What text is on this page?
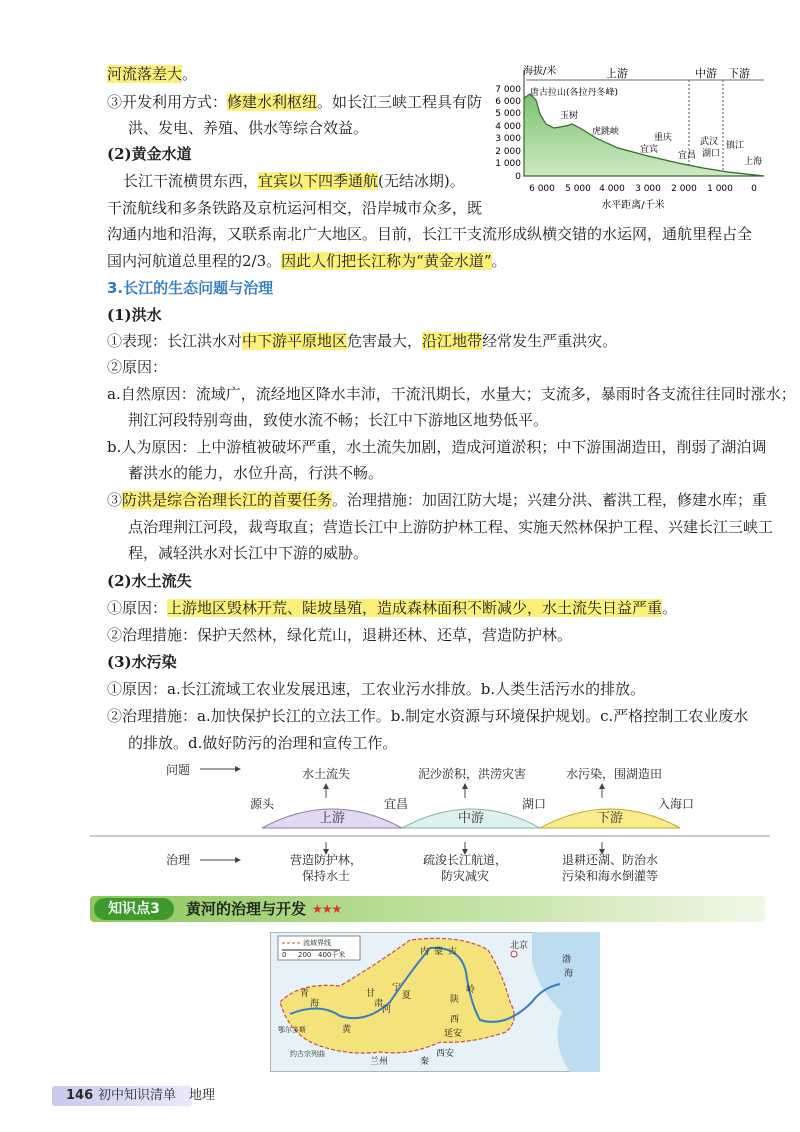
河流落差大。
③开发利用方式：修建水利枢纽。如长江三峡工程具有防
洪、发电、养殖、供水等综合效益。
(2)黄金水道
长江干流横贯东西，宜宾以下四季通航(无结冰期)。
干流航线和多条铁路及京杭运河相交，沿岸城市众多，既
沟通内地和沿海，又联系南北广大地区。目前，长江干支流形成纵横交错的水运网，通航里程占全
国内河航道总里程的2/3。因此人们把长江称为“黄金水道”。
海拔/米
7 000
6 000
5 000
4 000
3 000
2 000
1 000
0
上游	中游 下游
唐古拉山(各拉丹冬峰)
玉树
虎跳峡
重庆
宜宾
宜昌
武汉
湖口
镇江
上海
6 000 5 000 4 000 3 000 2 000 1 000 0
水平距离/千米
3.长江的生态问题与治理
(1)洪水
①表现：长江洪水对中下游平原地区危害最大，沿江地带经常发生严重洪灾。
②原因：
a.自然原因：流域广，流经地区降水丰沛，干流汛期长，水量大；支流多，暴雨时各支流往往同时涨水；
荆江河段特别弯曲，致使水流不畅；长江中下游地区地势低平。
b.人为原因：上中游植被破坏严重，水土流失加剧，造成河道淤积；中下游围湖造田，削弱了湖泊调
蓄洪水的能力，水位升高，行洪不畅。
③防洪是综合治理长江的首要任务。治理措施：加固江防大堤；兴建分洪、蓄洪工程，修建水库；重
点治理荆江河段，裁弯取直；营造长江中上游防护林工程、实施天然林保护工程、兴建长江三峡工
程，减轻洪水对长江中下游的威胁。
(2)水土流失
①原因：上游地区毁林开荒、陡坡垦殖，造成森林面积不断减少，水土流失日益严重。
②治理措施：保护天然林，绿化荒山，退耕还林、还草，营造防护林。
(3)水污染
①原因：a.长江流域工农业发展迅速，工农业污水排放。b.人类生活污水的排放。
②治理措施：a.加快保护长江的立法工作。b.制定水资源与环境保护规划。c.严格控制工农业废水
的排放。d.做好防污的治理和宣传工作。
问题	水土流失	泥沙淤积，洪涝灾害	水污染，围湖造田
源头	宜昌	湖口	入海口
上游	中游	下游
治理	营造防护林，
保持水土
疏浚长江航道，
防灾减灾
退耕还湖、防治水
污染和海水倒灌等
知识点3	黄河的治理与开发 ★★★
流域界线
0 200 400千米
北京
渤
海
黄
河
宁
夏	陕
西
甘
肃
青
海
内 蒙 古
延安
西安
兰州	秦
岭
鄂尔多斯
约古宗列曲
146 初中知识清单　地理
